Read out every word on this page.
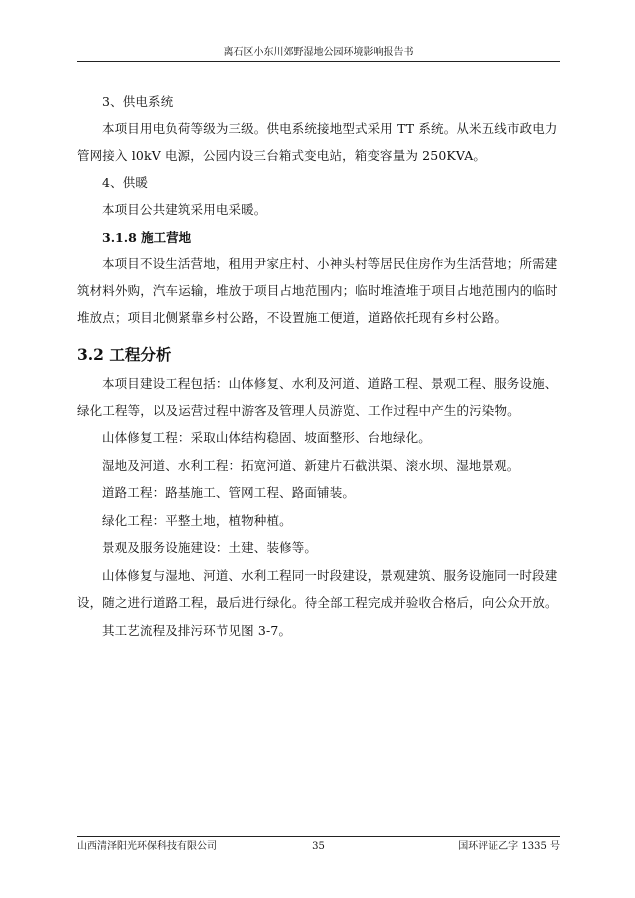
离石区小东川郊野湿地公园环境影响报告书

3、供电系统

本项目用电负荷等级为三级。供电系统接地型式采用 TT 系统。从米五线市政电力管网接入 l0kV 电源，公园内设三台箱式变电站，箱变容量为 250KVA。

4、供暖

本项目公共建筑采用电采暖。

3.1.8 施工营地

本项目不设生活营地，租用尹家庄村、小神头村等居民住房作为生活营地；所需建筑材料外购，汽车运输，堆放于项目占地范围内；临时堆渣堆于项目占地范围内的临时堆放点；项目北侧紧靠乡村公路，不设置施工便道，道路依托现有乡村公路。

3.2 工程分析

本项目建设工程包括：山体修复、水利及河道、道路工程、景观工程、服务设施、绿化工程等，以及运营过程中游客及管理人员游览、工作过程中产生的污染物。

山体修复工程：采取山体结构稳固、坡面整形、台地绿化。

湿地及河道、水利工程：拓宽河道、新建片石截洪渠、滚水坝、湿地景观。

道路工程：路基施工、管网工程、路面铺装。

绿化工程：平整土地，植物种植。

景观及服务设施建设：土建、装修等。

山体修复与湿地、河道、水利工程同一时段建设，景观建筑、服务设施同一时段建设，随之进行道路工程，最后进行绿化。待全部工程完成并验收合格后，向公众开放。

其工艺流程及排污环节见图 3-7。

山西清泽阳光环保科技有限公司	35	国环评证乙字 1335 号
